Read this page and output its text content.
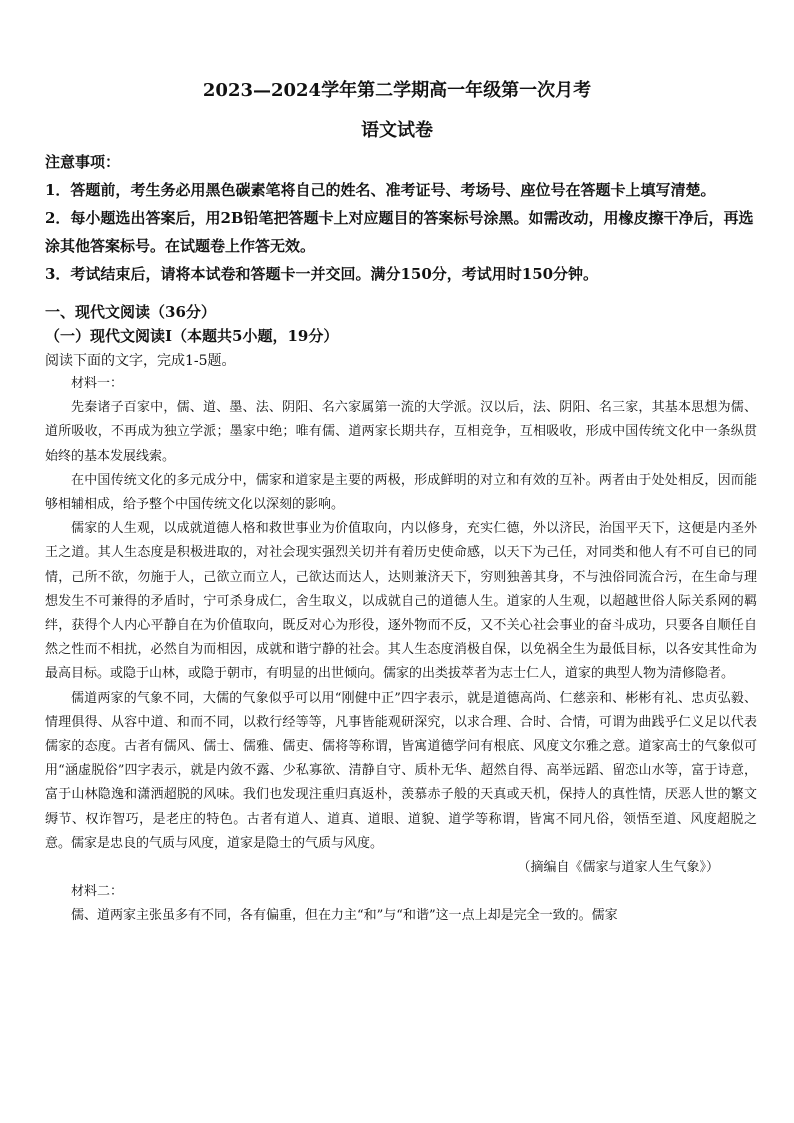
2023—2024学年第二学期高一年级第一次月考
语文试卷
注意事项：
1．答题前，考生务必用黑色碳素笔将自己的姓名、准考证号、考场号、座位号在答题卡上填写清楚。
2．每小题选出答案后，用2B铅笔把答题卡上对应题目的答案标号涂黑。如需改动，用橡皮擦干净后，再选涂其他答案标号。在试题卷上作答无效。
3．考试结束后，请将本试卷和答题卡一并交回。满分150分，考试用时150分钟。
一、现代文阅读（36分）
（一）现代文阅读Ⅰ（本题共5小题，19分）
阅读下面的文字，完成1-5题。

材料一：

先秦诸子百家中，儒、道、墨、法、阴阳、名六家属第一流的大学派。汉以后，法、阴阳、名三家，其基本思想为儒、道所吸收，不再成为独立学派；墨家中绝；唯有儒、道两家长期共存，互相竞争，互相吸收，形成中国传统文化中一条纵贯始终的基本发展线索。

在中国传统文化的多元成分中，儒家和道家是主要的两极，形成鲜明的对立和有效的互补。两者由于处处相反，因而能够相辅相成，给予整个中国传统文化以深刻的影响。

儒家的人生观，以成就道德人格和救世事业为价值取向，内以修身，充实仁德，外以济民，治国平天下，这便是内圣外王之道。其人生态度是积极进取的，对社会现实强烈关切并有着历史使命感，以天下为己任，对同类和他人有不可自已的同情，己所不欲，勿施于人，己欲立而立人，己欲达而达人，达则兼济天下，穷则独善其身，不与浊俗同流合污，在生命与理想发生不可兼得的矛盾时，宁可杀身成仁，舍生取义，以成就自己的道德人生。道家的人生观，以超越世俗人际关系网的羁绊，获得个人内心平静自在为价值取向，既反对心为形役，逐外物而不反，又不关心社会事业的奋斗成功，只要各自顺任自然之性而不相扰，必然自为而相因，成就和谐宁静的社会。其人生态度消极自保，以免祸全生为最低目标，以各安其性命为最高目标。或隐于山林，或隐于朝市，有明显的出世倾向。儒家的出类拔萃者为志士仁人，道家的典型人物为清修隐者。

儒道两家的气象不同，大儒的气象似乎可以用“刚健中正”四字表示，就是道德高尚、仁慈亲和、彬彬有礼、忠贞弘毅、情理俱得、从容中道、和而不同，以救行经等等，凡事皆能观研深究，以求合理、合时、合情，可谓为曲践乎仁义足以代表儒家的态度。古者有儒风、儒士、儒雅、儒吏、儒将等称谓，皆寓道德学问有根底、风度文尔雅之意。道家高士的气象似可用“涵虚脱俗”四字表示，就是内敛不露、少私寡欲、清静自守、质朴无华、超然自得、高举远蹈、留恋山水等，富于诗意，富于山林隐逸和潇洒超脱的风味。我们也发现注重归真返朴，羡慕赤子般的天真或天机，保持人的真性情，厌恶人世的繁文缛节、权诈智巧，是老庄的特色。古者有道人、道真、道眼、道貌、道学等称谓，皆寓不同凡俗，领悟至道、风度超脱之意。儒家是忠良的气质与风度，道家是隐士的气质与风度。

（摘编自《儒家与道家人生气象》）

材料二：

儒、道两家主张虽多有不同，各有偏重，但在力主“和”与“和谐”这一点上却是完全一致的。儒家
